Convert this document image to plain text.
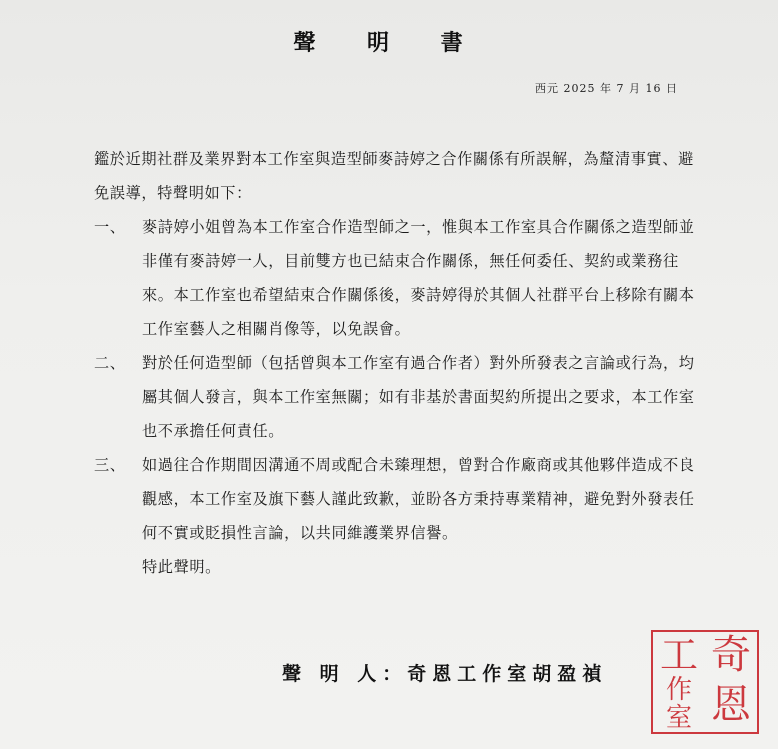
聲 明 書
西元 2025 年 7 月 16 日
鑑於近期社群及業界對本工作室與造型師麥詩婷之合作關係有所誤解，為釐清事實、避免誤導，特聲明如下：
一、	麥詩婷小姐曾為本工作室合作造型師之一，惟與本工作室具合作關係之造型師並非僅有麥詩婷一人，目前雙方也已結束合作關係，無任何委任、契約或業務往來。本工作室也希望結束合作關係後，麥詩婷得於其個人社群平台上移除有關本工作室藝人之相關肖像等，以免誤會。
二、	對於任何造型師（包括曾與本工作室有過合作者）對外所發表之言論或行為，均屬其個人發言，與本工作室無關；如有非基於書面契約所提出之要求，本工作室也不承擔任何責任。
三、	如過往合作期間因溝通不周或配合未臻理想，曾對合作廠商或其他夥伴造成不良觀感，本工作室及旗下藝人謹此致歉，並盼各方秉持專業精神，避免對外發表任何不實或貶損性言論，以共同維護業界信譽。
特此聲明。
聲 明 人：奇恩工作室胡盈禎	奇
工
恩
作
室
